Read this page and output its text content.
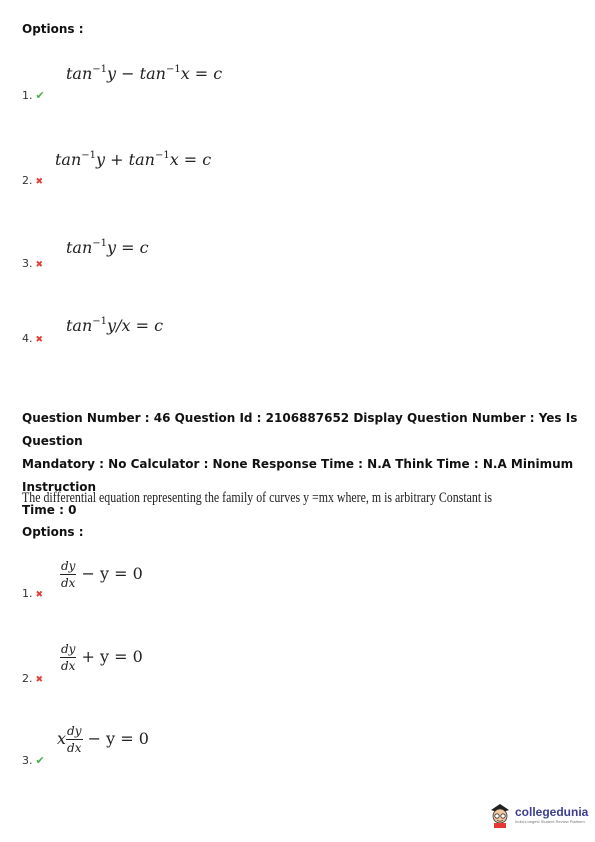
Options :
$\tan^{-1}y - \tan^{-1}x = c$
1. ✔
$\tan^{-1}y + \tan^{-1}x = c$
2. ✖
$\tan^{-1}y = c$
3. ✖
$\tan^{-1}y/x = c$
4. ✖
Question Number : 46 Question Id : 2106887652 Display Question Number : Yes Is Question
Mandatory : No Calculator : None Response Time : N.A Think Time : N.A Minimum Instruction
Time : 0
The differential equation representing the family of curves y =mx where, m is arbitrary Constant is
Options :
$\frac{dy}{dx} - y = 0$
1. ✖
$\frac{dy}{dx} + y = 0$
2. ✖
x $\frac{dy}{dx} - y = 0$
3. ✔
collegedunia
India's largest Student Review Platform
